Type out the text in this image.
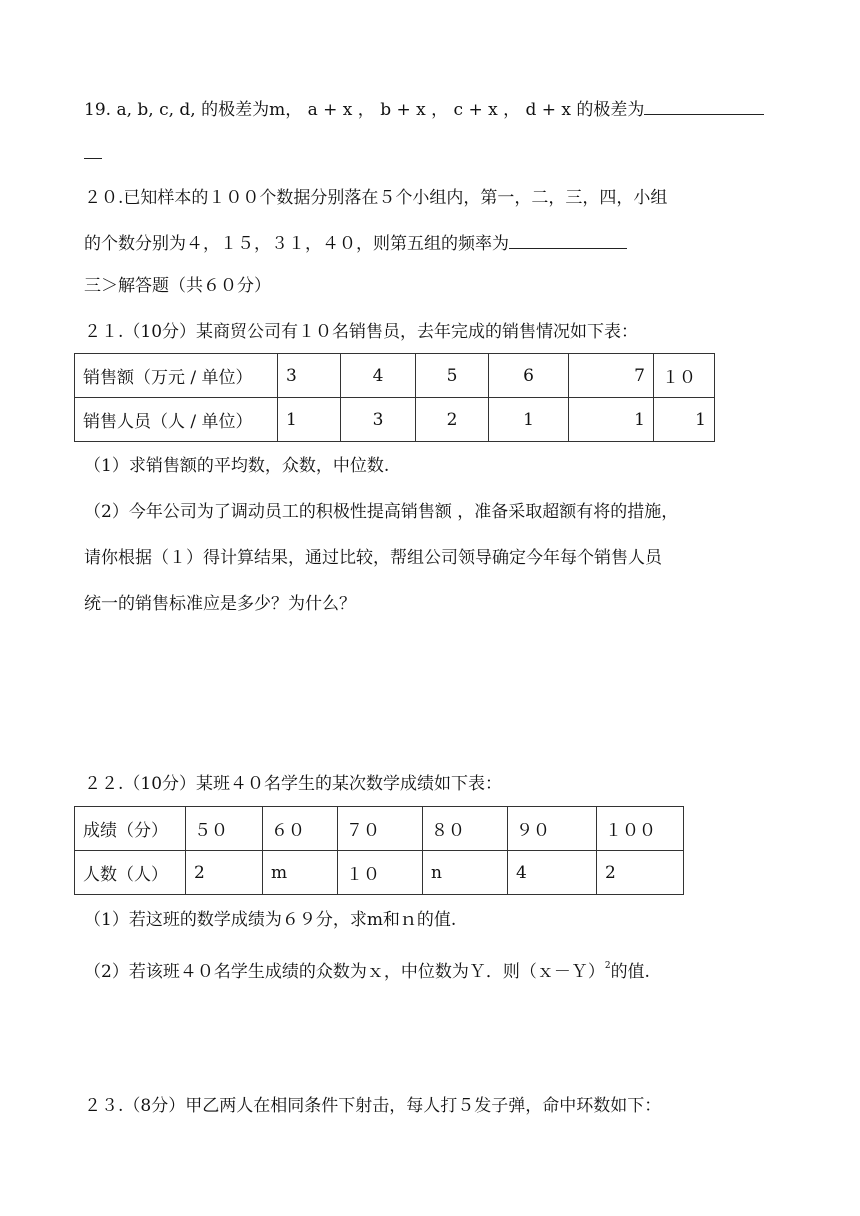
19. a, b, c, d, 的极差为m， a + x ， b + x ， c + x ， d + x 的极差为
２０.已知样本的１００个数据分别落在５个小组内，第一，二，三，四，小组
的个数分别为４，１５，３１，４０，则第五组的频率为
三＞解答题（共６０分）
２１.（10分）某商贸公司有１０名销售员，去年完成的销售情况如下表：
销售额（万元 / 单位）	3	4	5	6	7	１０
销售人员（人 / 单位）	1	3	2	1	1	1
（1）求销售额的平均数，众数，中位数.
（2）今年公司为了调动员工的积极性提高销售额 ，准备采取超额有将的措施，
请你根据（１）得计算结果，通过比较，帮组公司领导确定今年每个销售人员
统一的销售标准应是多少？为什么？
２２.（10分）某班４０名学生的某次数学成绩如下表：
成绩（分）	５０	６０	７０	８０	９０	１００
人数（人）	2	m	１０	n	4	2
（1）若这班的数学成绩为６９分，求m和ｎ的值.
（2）若该班４０名学生成绩的众数为ｘ，中位数为Ｙ．则（ｘ－Ｙ）$^2$的值.
２３.（8分）甲乙两人在相同条件下射击，每人打５发子弹，命中环数如下：
